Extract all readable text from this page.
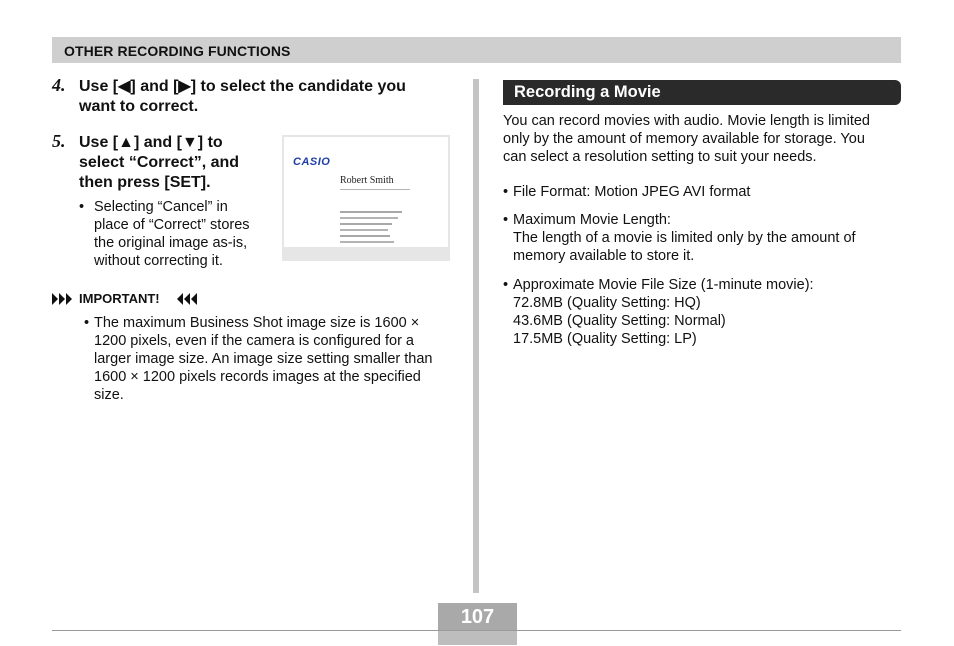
OTHER RECORDING FUNCTIONS
4. Use [◀] and [▶] to select the candidate you
want to correct.
5. Use [▲] and [▼] to
select “Correct”, and
then press [SET].
• Selecting “Cancel” in
place of “Correct” stores
the original image as-is,
without correcting it.
CASIO
Robert Smith
IMPORTANT!
• The maximum Business Shot image size is 1600 ×
1200 pixels, even if the camera is configured for a
larger image size. An image size setting smaller than
1600 × 1200 pixels records images at the specified
size.
Recording a Movie
You can record movies with audio. Movie length is limited
only by the amount of memory available for storage. You
can select a resolution setting to suit your needs.
• File Format: Motion JPEG AVI format
• Maximum Movie Length:
The length of a movie is limited only by the amount of
memory available to store it.
• Approximate Movie File Size (1-minute movie):
72.8MB (Quality Setting: HQ)
43.6MB (Quality Setting: Normal)
17.5MB (Quality Setting: LP)
107
